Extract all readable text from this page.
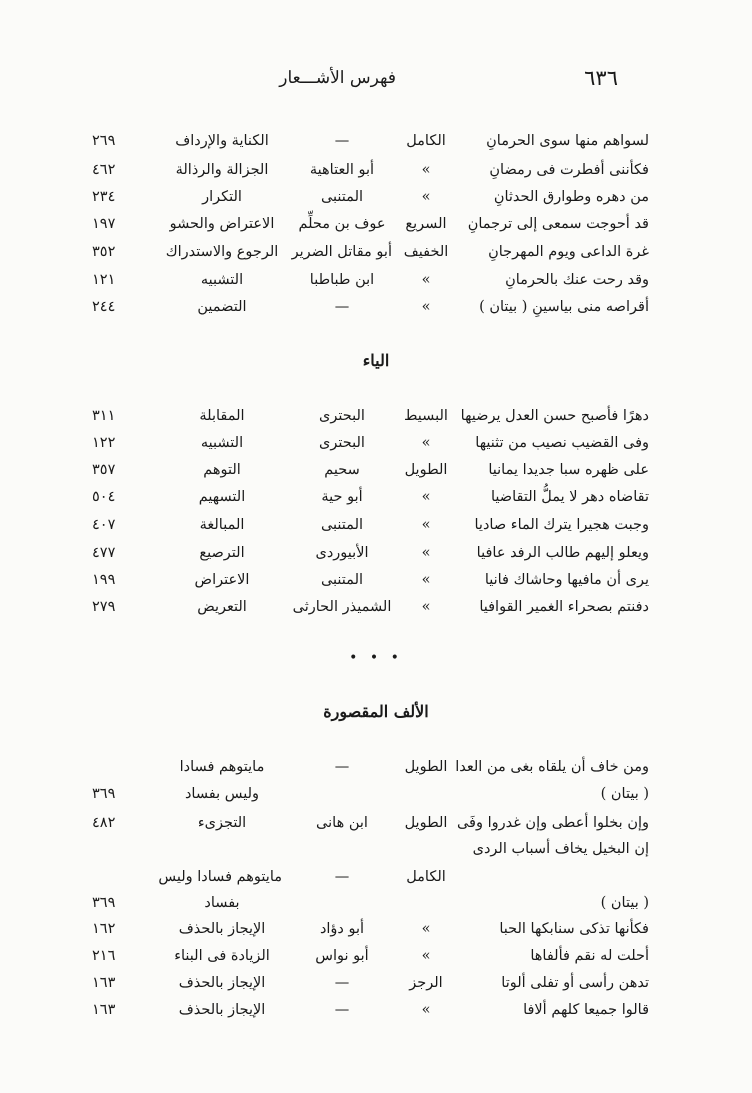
٦٣٦
فهرس الأشـــعار
لسواهم منها سوى الحرمانِ
الكامل
—
الكناية والإرداف
٢٦٩
فكأننى أفطرت فى رمضانِ
»
أبو العتاهية
الجزالة والرذالة
٤٦٢
من دهره وطوارق الحدثانِ
»
المتنبى
التكرار
٢٣٤
قد أحوجت سمعى إلى ترجمانِ
السريع
عوف بن محلِّم
الاعتراض والحشو
١٩٧
غرة الداعى ويوم المهرجانِ
الخفيف
أبو مقاتل الضرير
الرجوع والاستدراك
٣٥٢
وقد رحت عنك بالحرمانِ
»
ابن طباطبا
التشبيه
١٢١
أقراصه منى بياسينِ ( بيتان )
»
—
التضمين
٢٤٤
الياء
دهرًا فأصبح حسن العدل يرضيها
البسيط
البحترى
المقابلة
٣١١
وفى القضيب نصيب من تثنيها
»
البحترى
التشبيه
١٢٢
على ظهره سبا جديدا يمانيا
الطويل
سحيم
التوهم
٣٥٧
تقاضاه دهر لا يملُّ التقاضيا
»
أبو حية
التسهيم
٥٠٤
وجبت هجيرا يترك الماء صاديا
»
المتنبى
المبالغة
٤٠٧
ويعلو إليهم طالب الرفد عافيا
»
الأبيوردى
الترصيع
٤٧٧
يرى أن مافيها وحاشاك فانيا
»
المتنبى
الاعتراض
١٩٩
دفنتم بصحراء الغمير القوافيا
»
الشميذر الحارثى
التعريض
٢٧٩
• • •
الألف المقصورة
ومن خاف أن يلقاه بغى من العدا
الطويل
—
مايتوهم فسادا
( بيتان )
وليس بفساد
٣٦٩
وإن بخلوا أعطى وإن غدروا وفَى
الطويل
ابن هانى
التجزىء
٤٨٢
إن البخيل يخاف أسباب الردى
الكامل
—
مايتوهم فسادا وليس
( بيتان )
بفساد
٣٦٩
فكأنها تذكى سنابكها الحبا
»
أبو دؤاد
الإيجاز بالحذف
١٦٢
أحلت له نقم فألفاها
»
أبو نواس
الزيادة فى البناء
٢١٦
تدهن رأسى أو تفلى ألوتا
الرجز
—
الإيجاز بالحذف
١٦٣
قالوا جميعا كلهم ألافا
»
—
الإيجاز بالحذف
١٦٣
